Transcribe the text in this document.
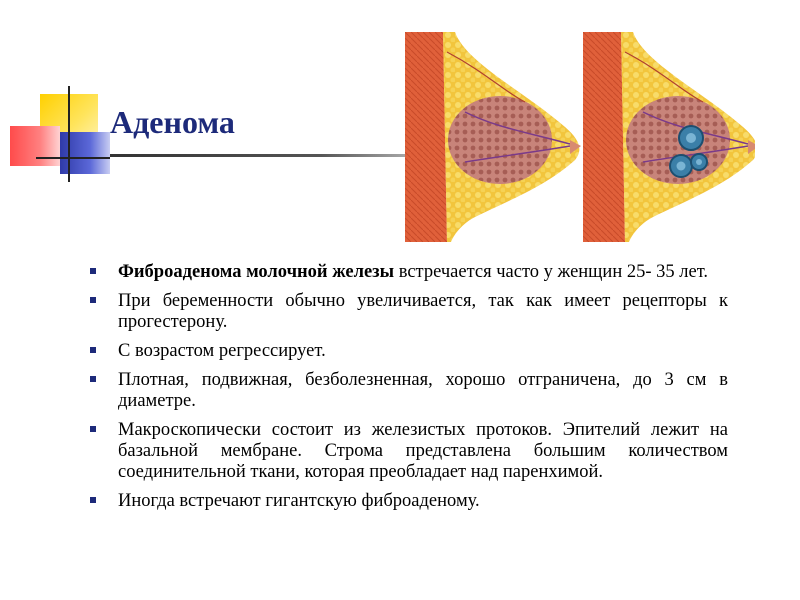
Аденома
Фиброаденома молочной железы встречается часто у женщин 25- 35 лет.
При беременности обычно увеличивается, так как имеет рецепторы к прогестерону.
С возрастом регрессирует.
Плотная, подвижная, безболезненная, хорошо отграничена, до 3 см в диаметре.
Макроскопически состоит из железистых протоков. Эпителий лежит на базальной мембране. Строма представлена большим количеством соединительной ткани, которая преобладает над паренхимой.
Иногда встречают гигантскую фиброаденому.
